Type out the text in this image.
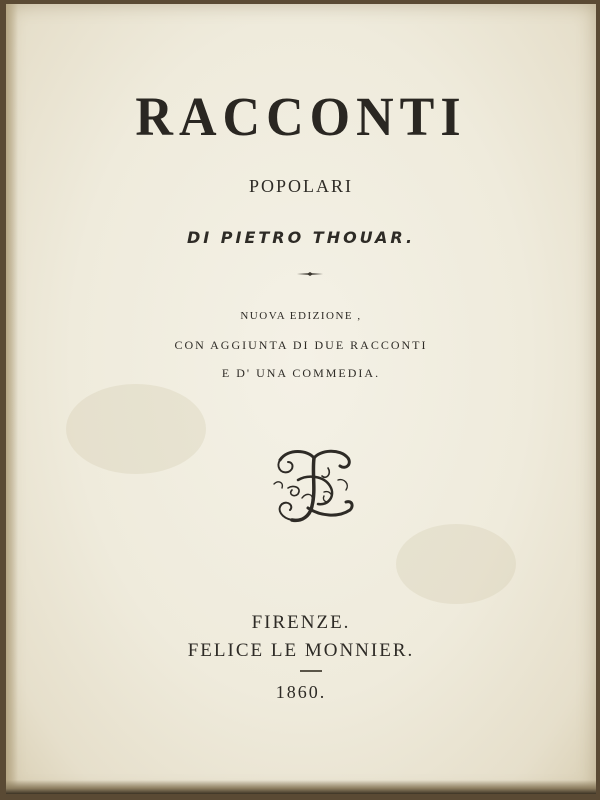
RACCONTI
POPOLARI
DI PIETRO THOUAR.
NUOVA EDIZIONE ,
CON AGGIUNTA DI DUE RACCONTI
E D' UNA COMMEDIA.
FIRENZE.
FELICE LE MONNIER.
1860.
